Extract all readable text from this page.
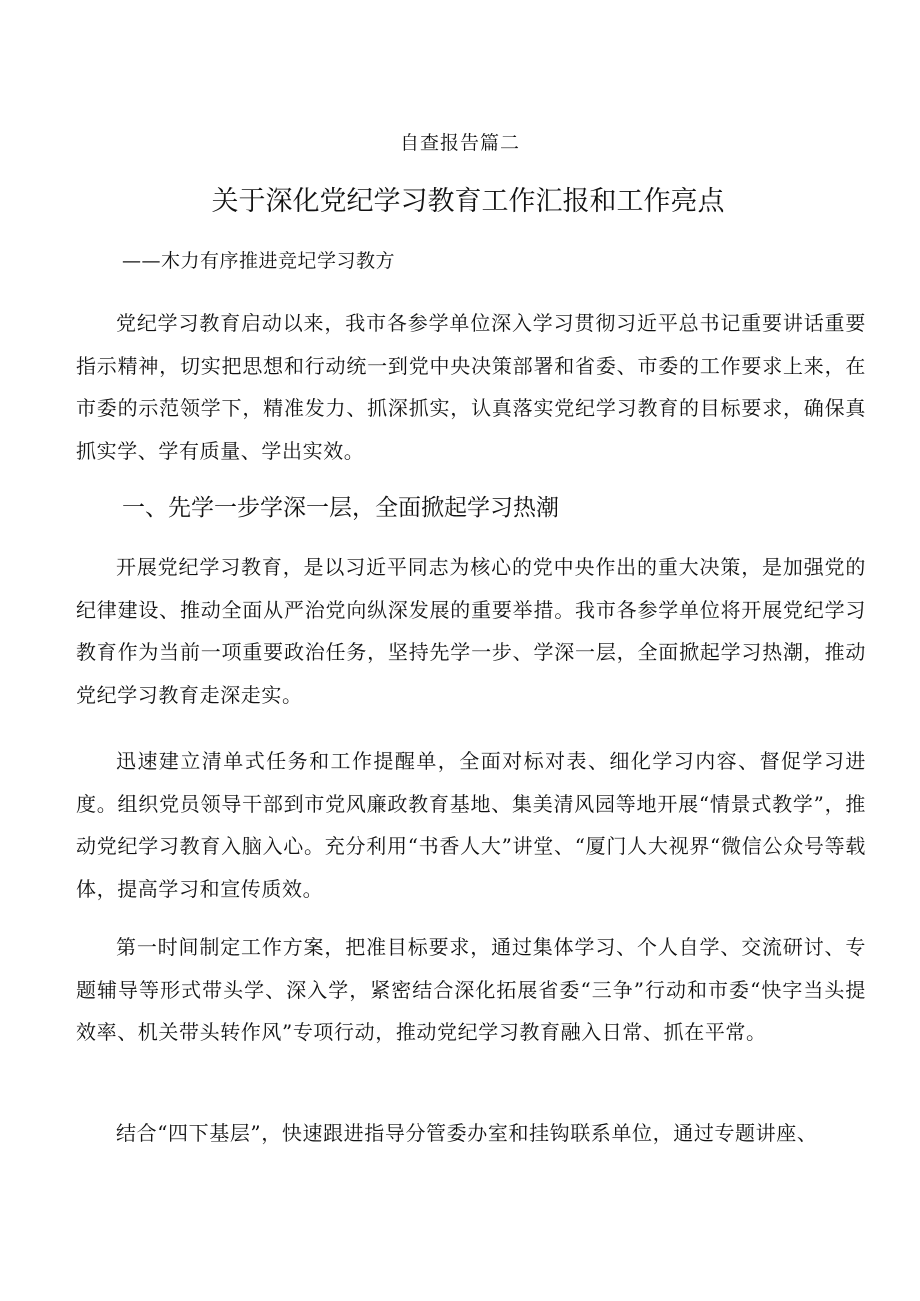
自查报告篇二
关于深化党纪学习教育工作汇报和工作亮点
——木力有序推进竞圮学习教方

党纪学习教育启动以来，我市各参学单位深入学习贯彻习近平总书记重要讲话重要指示精神，切实把思想和行动统一到党中央决策部署和省委、市委的工作要求上来，在市委的示范领学下，精准发力、抓深抓实，认真落实党纪学习教育的目标要求，确保真抓实学、学有质量、学出实效。

一、先学一步学深一层，全面掀起学习热潮

开展党纪学习教育，是以习近平同志为核心的党中央作出的重大决策，是加强党的纪律建设、推动全面从严治党向纵深发展的重要举措。我市各参学单位将开展党纪学习教育作为当前一项重要政治任务，坚持先学一步、学深一层，全面掀起学习热潮，推动党纪学习教育走深走实。

迅速建立清单式任务和工作提醒单，全面对标对表、细化学习内容、督促学习进度。组织党员领导干部到市党风廉政教育基地、集美清风园等地开展“情景式教学”，推动党纪学习教育入脑入心。充分利用“书香人大”讲堂、“厦门人大视界“微信公众号等载体，提高学习和宣传质效。

第一时间制定工作方案，把准目标要求，通过集体学习、个人自学、交流研讨、专题辅导等形式带头学、深入学，紧密结合深化拓展省委“三争”行动和市委“快字当头提效率、机关带头转作风”专项行动，推动党纪学习教育融入日常、抓在平常。

结合“四下基层”，快速跟进指导分管委办室和挂钩联系单位，通过专题讲座、
